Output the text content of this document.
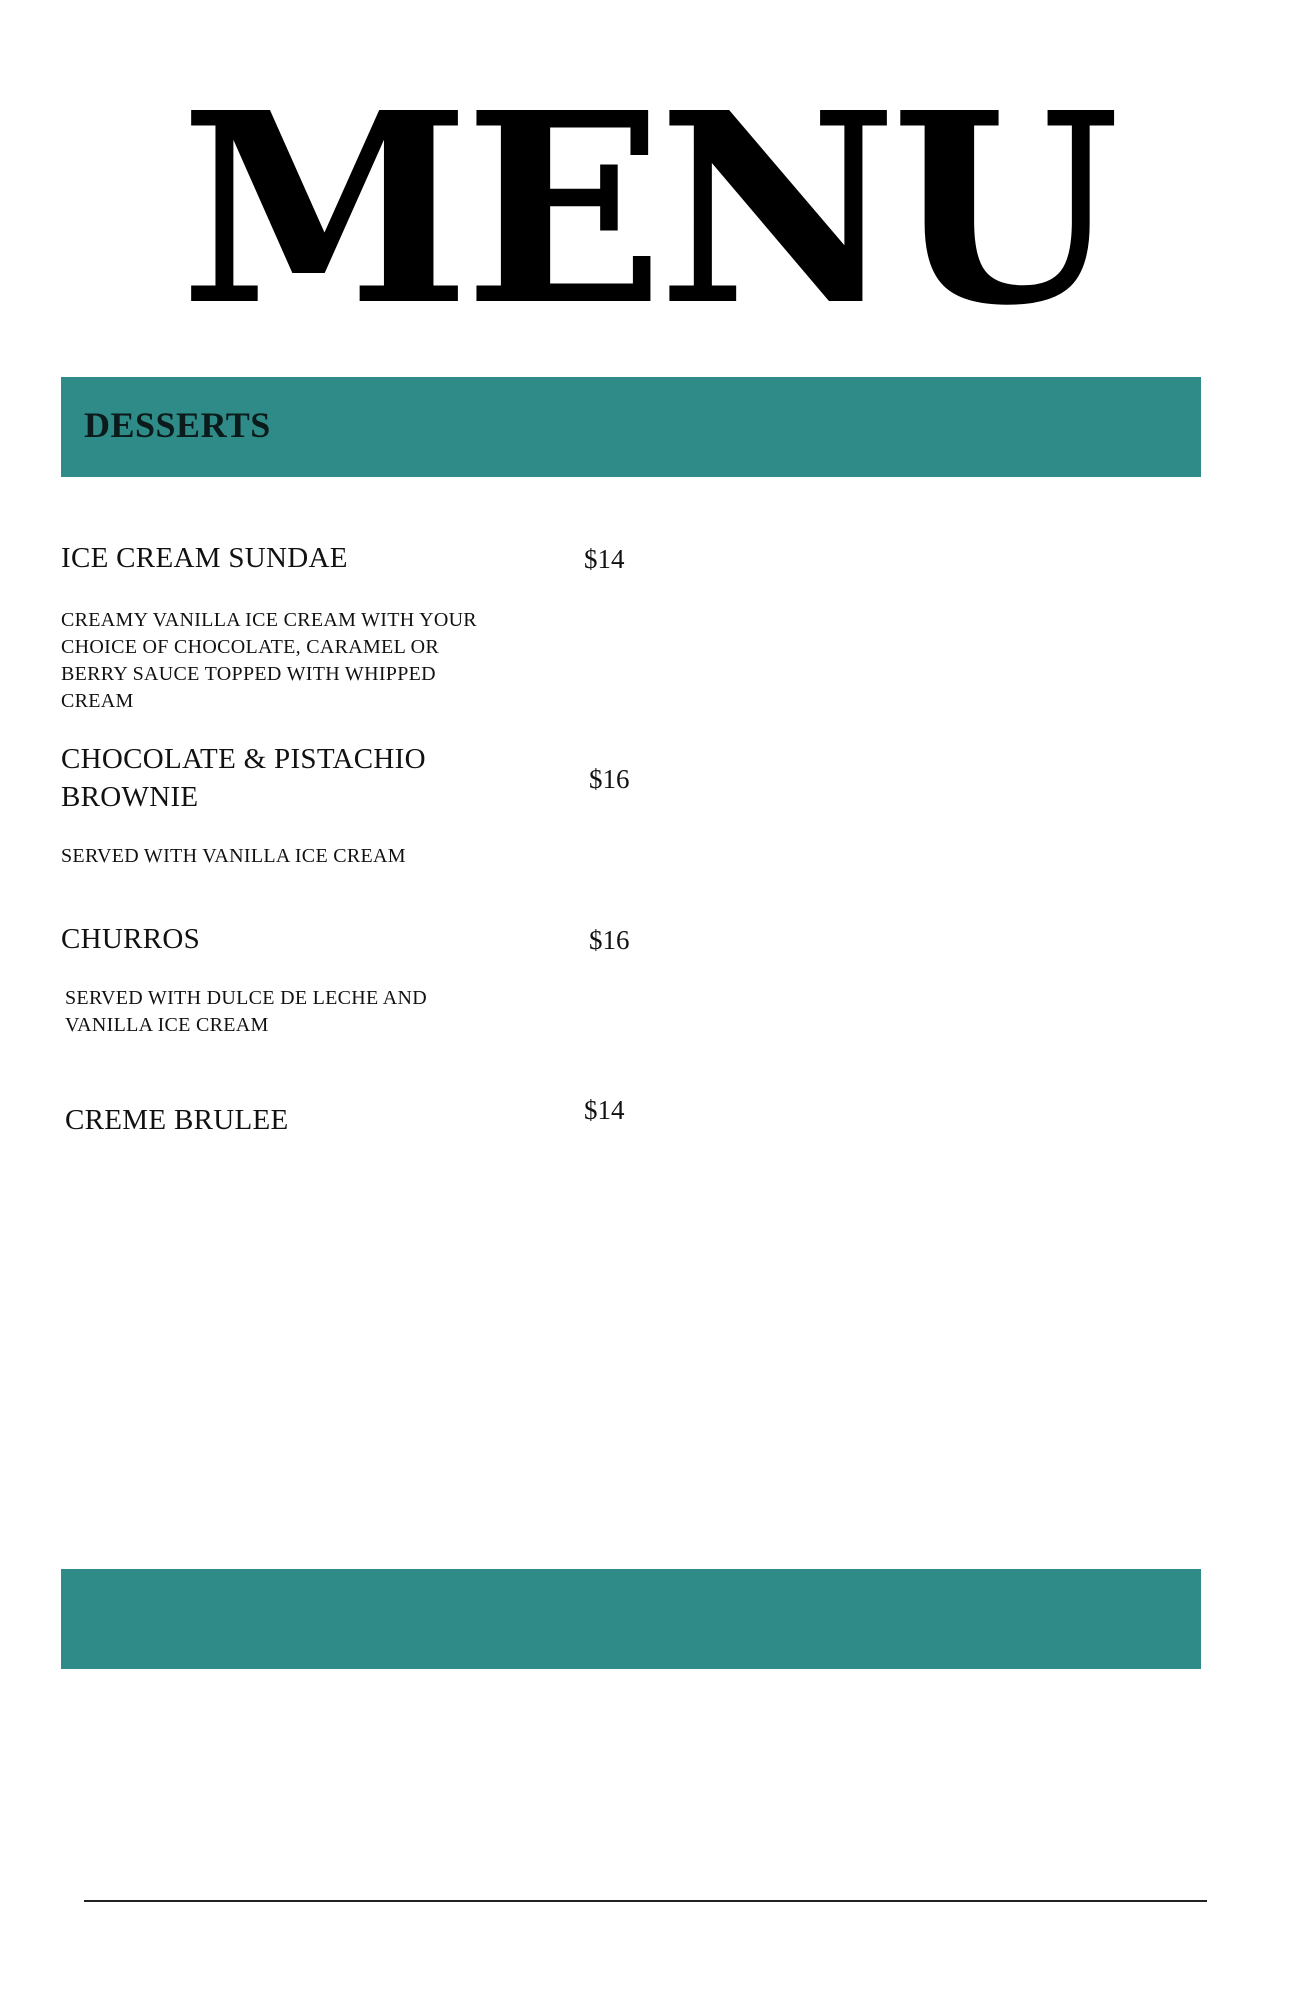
MENU
DESSERTS

ICE CREAM SUNDAE	$14

CREAMY VANILLA ICE CREAM WITH YOUR

CHOICE OF CHOCOLATE, CARAMEL OR

BERRY SAUCE TOPPED WITH WHIPPED

CREAM

CHOCOLATE & PISTACHIO

BROWNIE

$16

SERVED WITH VANILLA ICE CREAM

CHURROS	$16

SERVED WITH DULCE DE LECHE AND

VANILLA ICE CREAM

CREME BRULEE	$14
